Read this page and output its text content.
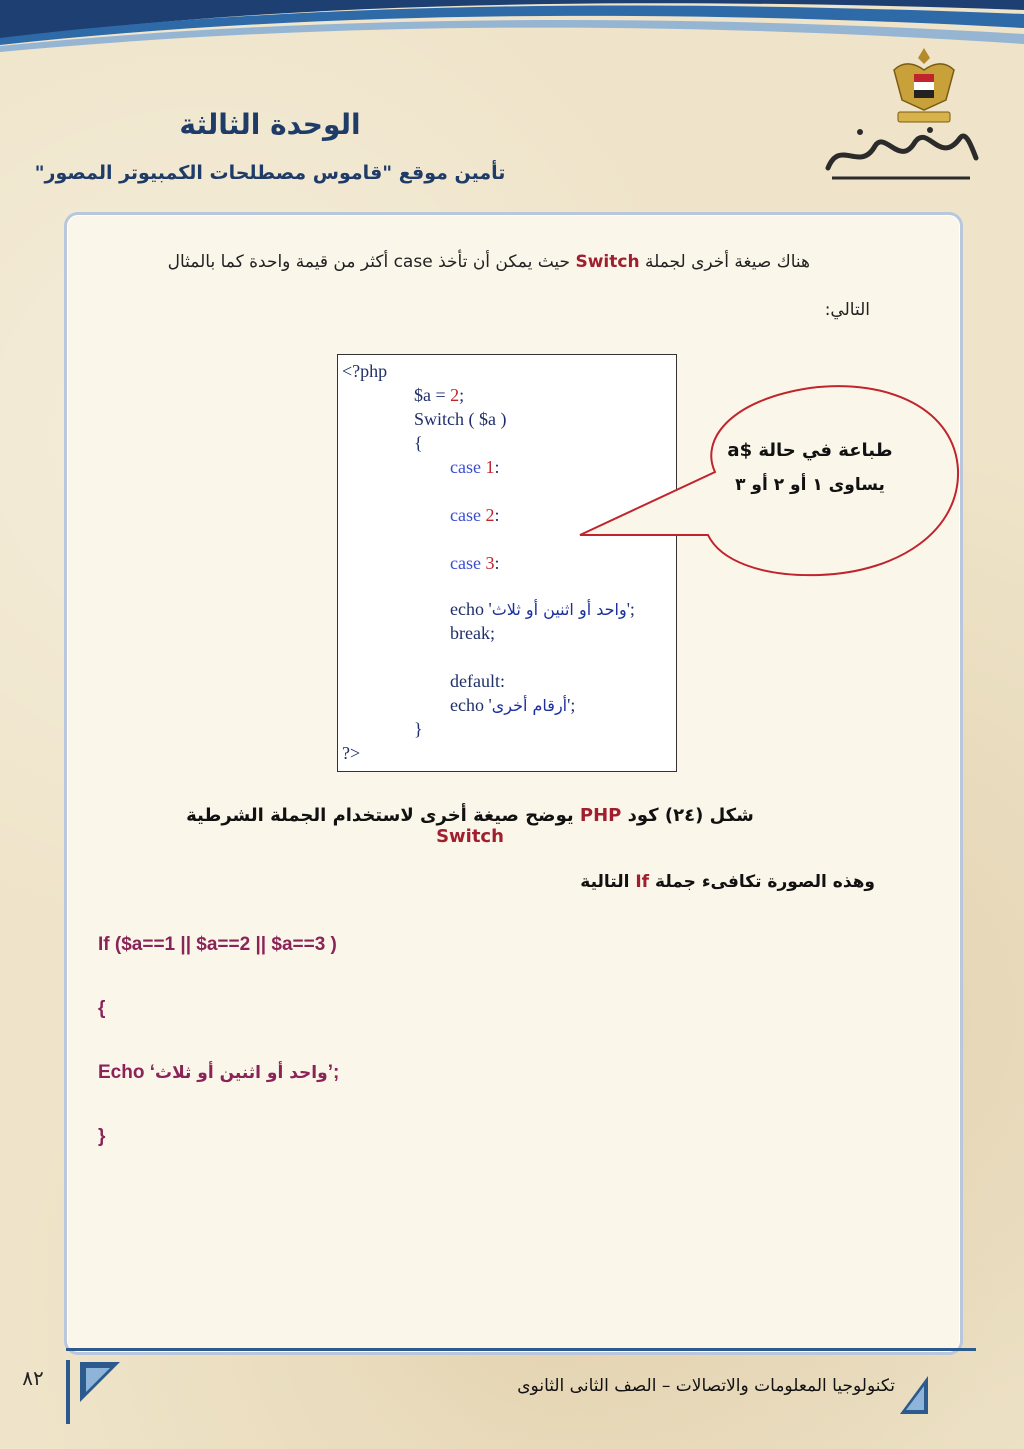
الوحدة الثالثة
تأمين موقع "قاموس مصطلحات الكمبيوتر المصور"
هناك صيغة أخرى لجملة Switch حيث يمكن أن تأخذ case أكثر من قيمة واحدة كما بالمثال
التالي:
<?php
$a = 2;
Switch ( $a )
{
case 1:
case 2:
case 3:
echo 'واحد أو اثنين أو ثلاث';
break;
default:
echo 'أرقام أخرى';
}
?>
طباعة في حالة $a
يساوى ١ أو ٢ أو ٣
شكل (٢٤) كود PHP يوضح صيغة أخرى لاستخدام الجملة الشرطية Switch
وهذه الصورة تكافىء جملة If التالية
If ($a==1 || $a==2 || $a==3 )
{
Echo ‘واحد أو اثنين أو ثلاث’;
}
٨٢	تكنولوجيا المعلومات والاتصالات – الصف الثانى الثانوى
